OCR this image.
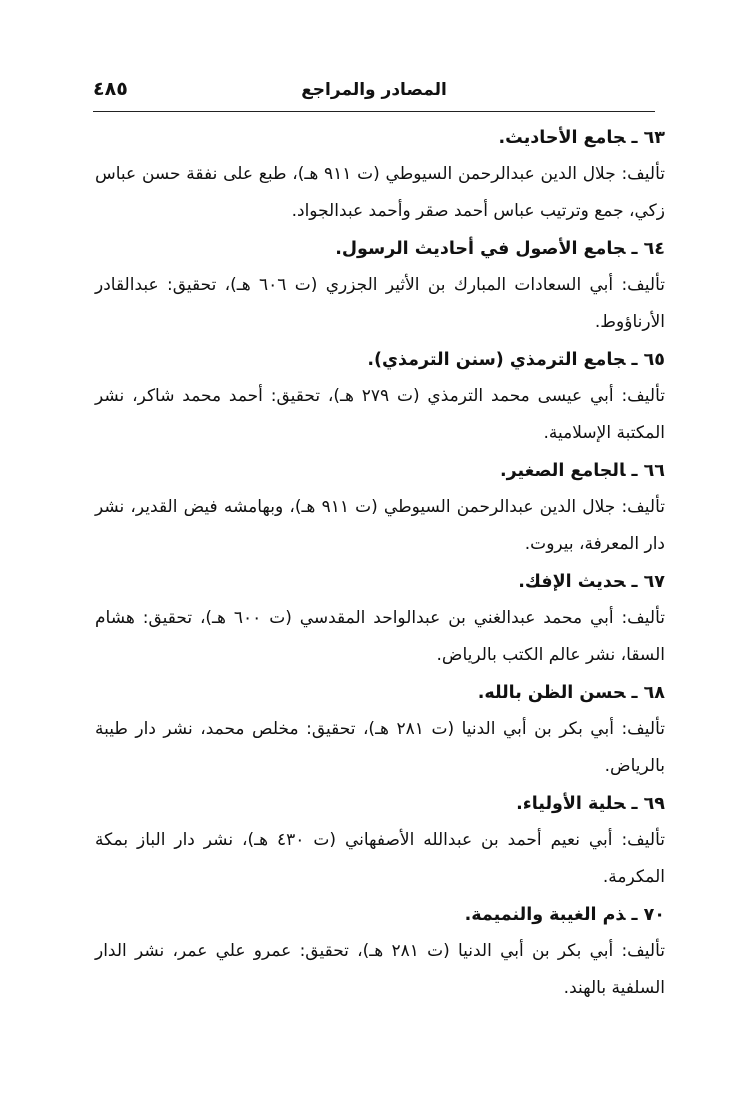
٤٨٥	المصادر والمراجع
٦٣ ـجامع الأحاديث.
تأليف: جلال الدين عبدالرحمن السيوطي (ت ٩١١ هـ)، طبع على نفقة حسن عباس زكي، جمع وترتيب عباس أحمد صقر وأحمد عبدالجواد.
٦٤ ـجامع الأصول في أحاديث الرسول.
تأليف: أبي السعادات المبارك بن الأثير الجزري (ت ٦٠٦ هـ)، تحقيق: عبدالقادر الأرناؤوط.
٦٥ ـجامع الترمذي (سنن الترمذي).
تأليف: أبي عيسى محمد الترمذي (ت ٢٧٩ هـ)، تحقيق: أحمد محمد شاكر، نشر المكتبة الإسلامية.
٦٦ ـالجامع الصغير.
تأليف: جلال الدين عبدالرحمن السيوطي (ت ٩١١ هـ)، وبهامشه فيض القدير، نشر دار المعرفة، بيروت.
٦٧ ـحديث الإفك.
تأليف: أبي محمد عبدالغني بن عبدالواحد المقدسي (ت ٦٠٠ هـ)، تحقيق: هشام السقا، نشر عالم الكتب بالرياض.
٦٨ ـحسن الظن بالله.
تأليف: أبي بكر بن أبي الدنيا (ت ٢٨١ هـ)، تحقيق: مخلص محمد، نشر دار طيبة بالرياض.
٦٩ ـحلية الأولياء.
تأليف: أبي نعيم أحمد بن عبدالله الأصفهاني (ت ٤٣٠ هـ)، نشر دار الباز بمكة المكرمة.
٧٠ ـذم الغيبة والنميمة.
تأليف: أبي بكر بن أبي الدنيا (ت ٢٨١ هـ)، تحقيق: عمرو علي عمر، نشر الدار السلفية بالهند.
